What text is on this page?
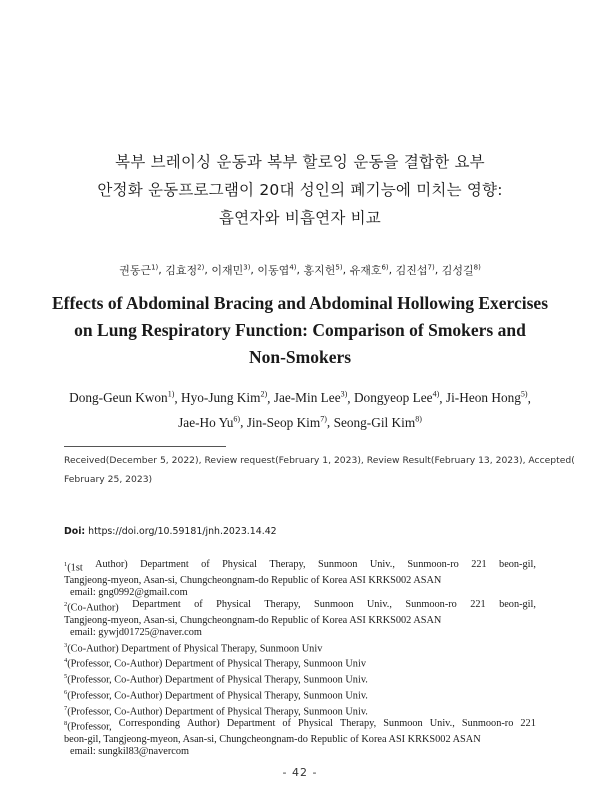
복부 브레이싱 운동과 복부 할로잉 운동을 결합한 요부
안정화 운동프로그램이 20대 성인의 폐기능에 미치는 영향:
흡연자와 비흡연자 비교
권동근$^{1)}$, 김효정$^{2)}$, 이재민$^{3)}$, 이동엽$^{4)}$, 홍지헌$^{5)}$, 유재호$^{6)}$, 김진섭$^{7)}$, 김성길$^{8)}$
Effects of Abdominal Bracing and Abdominal Hollowing Exercises
on Lung Respiratory Function: Comparison of Smokers and
Non-Smokers
Dong-Geun Kwon$^{1)}$, Hyo-Jung Kim$^{2)}$, Jae-Min Lee$^{3)}$, Dongyeop Lee$^{4)}$, Ji-Heon Hong$^{5)}$,
Jae-Ho Yu$^{6)}$, Jin-Seop Kim$^{7)}$, Seong-Gil Kim$^{8)}$
Received(December 5, 2022), Review request(February 1, 2023), Review Result(February 13, 2023), Accepted(
February 25, 2023)
Doi: https://doi.org/10.59181/jnh.2023.14.42
$^1$(1st Author) Department of Physical Therapy, Sunmoon Univ., Sunmoon-ro 221 beon-gil,
Tangjeong-myeon, Asan-si, Chungcheongnam-do Republic of Korea ASI KRKS002 ASAN
email: gng0992@gmail.com
$^2$(Co-Author) Department of Physical Therapy, Sunmoon Univ., Sunmoon-ro 221 beon-gil,
Tangjeong-myeon, Asan-si, Chungcheongnam-do Republic of Korea ASI KRKS002 ASAN
email: gywjd01725@naver.com
$^3$(Co-Author) Department of Physical Therapy, Sunmoon Univ
$^4$(Professor, Co-Author) Department of Physical Therapy, Sunmoon Univ
$^5$(Professor, Co-Author) Department of Physical Therapy, Sunmoon Univ.
$^6$(Professor, Co-Author) Department of Physical Therapy, Sunmoon Univ.
$^7$(Professor, Co-Author) Department of Physical Therapy, Sunmoon Univ.
$^8$(Professor, Corresponding Author) Department of Physical Therapy, Sunmoon Univ., Sunmoon-ro 221
beon-gil, Tangjeong-myeon, Asan-si, Chungcheongnam-do Republic of Korea ASI KRKS002 ASAN
email: sungkil83@navercom
- 42 -
